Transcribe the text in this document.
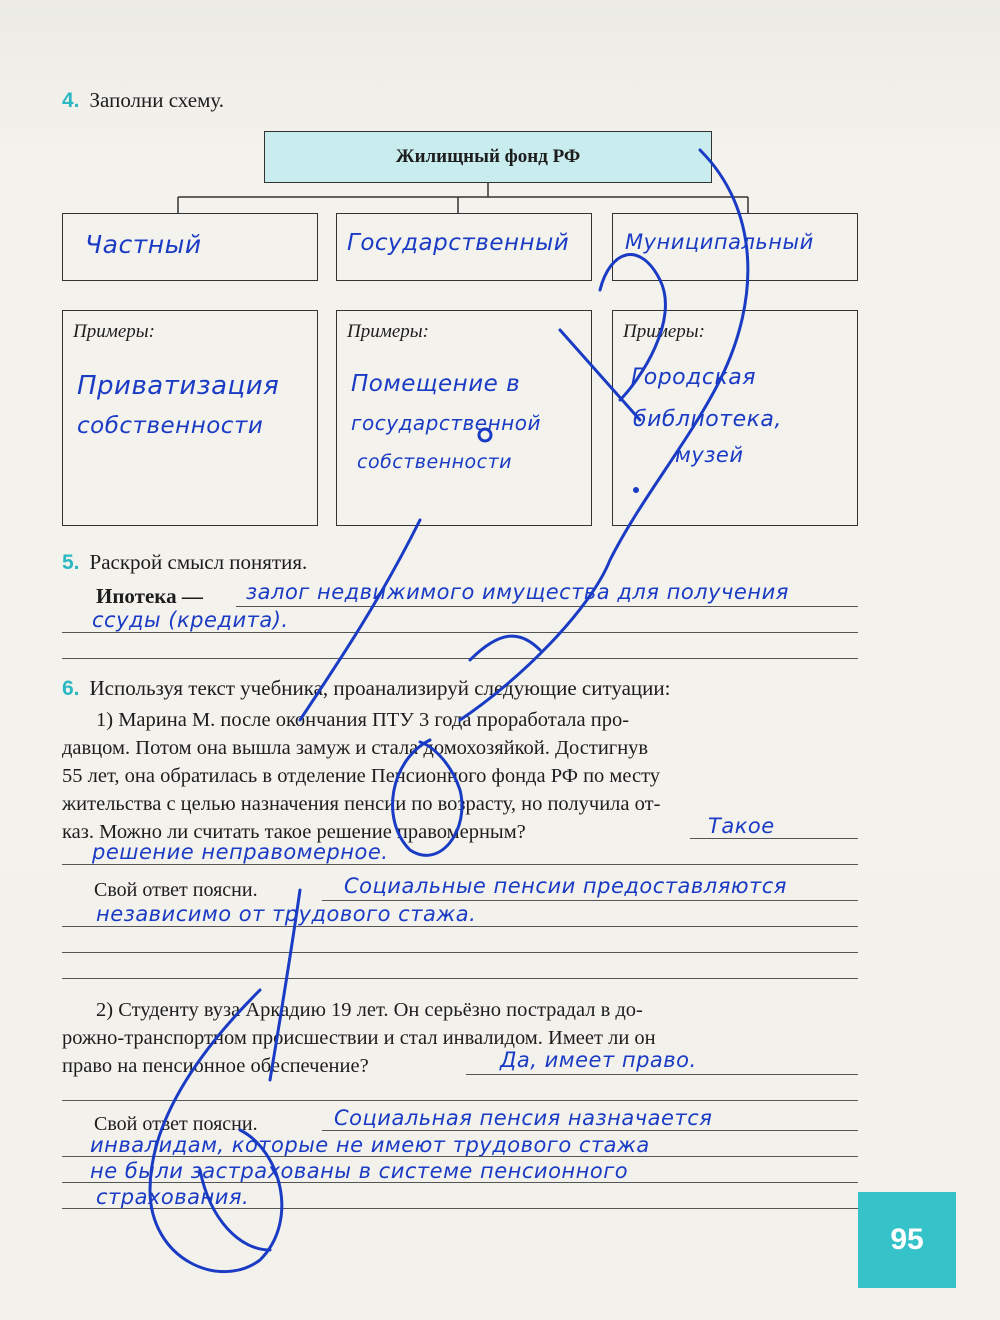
4. Заполни схему.
Жилищный фонд РФ
Частный	Государственный	Муниципальный
Примеры:
Приватизация
собственности
Примеры:
Помещение в
государственной
собственности
Примеры:
Городская
библиотека,
музей
5. Раскрой смысл понятия.
Ипотека — залог недвижимого имущества для получения
ссуды (кредита).
6. Используя текст учебника, проанализируй следующие ситуации:
1) Марина М. после окончания ПТУ 3 года проработала про-
давцом. Потом она вышла замуж и стала домохозяйкой. Достигнув
55 лет, она обратилась в отделение Пенсионного фонда РФ по месту
жительства с целью назначения пенсии по возрасту, но получила от-
каз. Можно ли считать такое решение правомерным?	Такое
решение неправомерное.
Свой ответ поясни.	Социальные пенсии предоставляются
независимо от трудового стажа.
2) Студенту вуза Аркадию 19 лет. Он серьёзно пострадал в до-
рожно-транспортном происшествии и стал инвалидом. Имеет ли он
право на пенсионное обеспечение?	Да, имеет право.
Свой ответ поясни.	Социальная пенсия назначается
инвалидам, которые не имеют трудового стажа
не были застрахованы в системе пенсионного
страхования.
95
